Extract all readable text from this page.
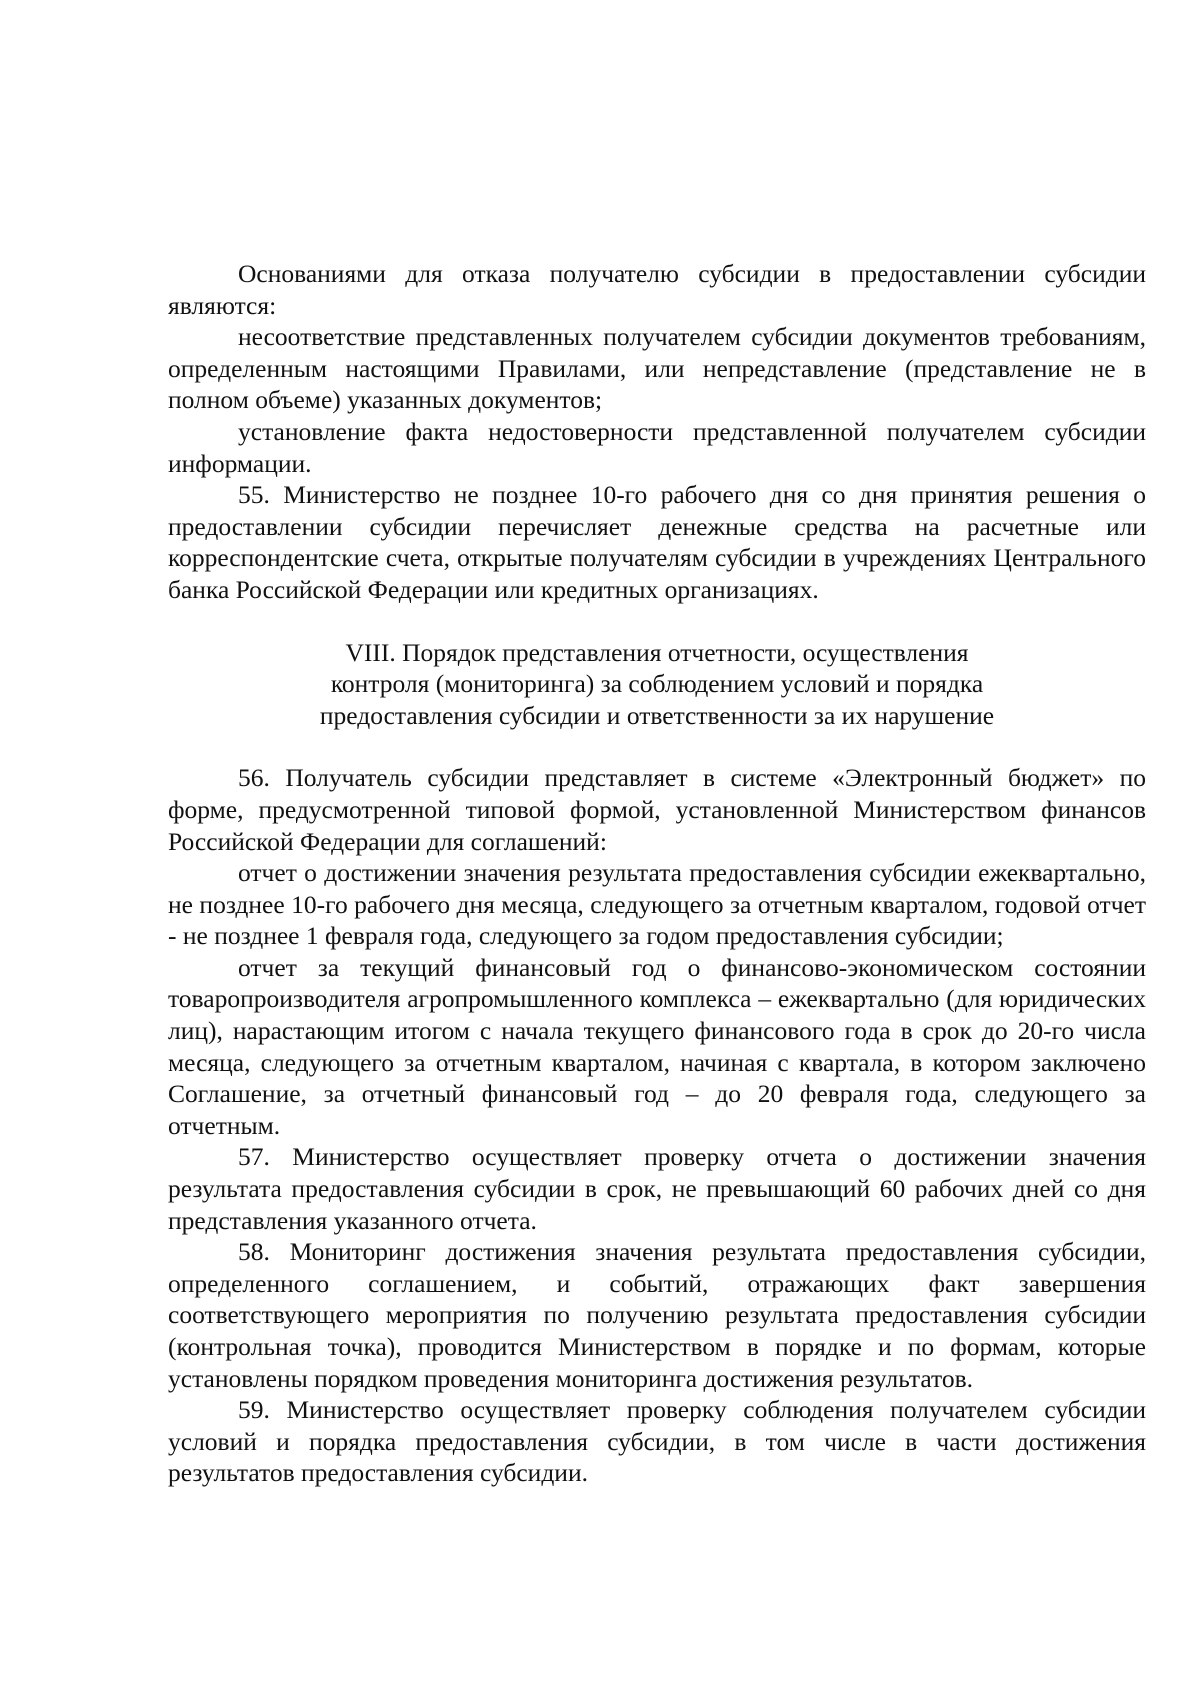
Основаниями для отказа получателю субсидии в предоставлении субсидии являются:

несоответствие представленных получателем субсидии документов требованиям, определенным настоящими Правилами, или непредставление (представление не в полном объеме) указанных документов;

установление факта недостоверности представленной получателем субсидии информации.

55. Министерство не позднее 10-го рабочего дня со дня принятия решения о предоставлении субсидии перечисляет денежные средства на расчетные или корреспондентские счета, открытые получателям субсидии в учреждениях Центрального банка Российской Федерации или кредитных организациях.

VIII. Порядок представления отчетности, осуществления
контроля (мониторинга) за соблюдением условий и порядка
предоставления субсидии и ответственности за их нарушение

56. Получатель субсидии представляет в системе «Электронный бюджет» по форме, предусмотренной типовой формой, установленной Министерством финансов Российской Федерации для соглашений:

отчет о достижении значения результата предоставления субсидии ежеквартально, не позднее 10-го рабочего дня месяца, следующего за отчетным кварталом, годовой отчет - не позднее 1 февраля года, следующего за годом предоставления субсидии;

отчет за текущий финансовый год о финансово-экономическом состоянии товаропроизводителя агропромышленного комплекса – ежеквартально (для юридических лиц), нарастающим итогом с начала текущего финансового года в срок до 20-го числа месяца, следующего за отчетным кварталом, начиная с квартала, в котором заключено Соглашение, за отчетный финансовый год – до 20 февраля года, следующего за отчетным.

57. Министерство осуществляет проверку отчета о достижении значения результата предоставления субсидии в срок, не превышающий 60 рабочих дней со дня представления указанного отчета.

58. Мониторинг достижения значения результата предоставления субсидии, определенного соглашением, и событий, отражающих факт завершения соответствующего мероприятия по получению результата предоставления субсидии (контрольная точка), проводится Министерством в порядке и по формам, которые установлены порядком проведения мониторинга достижения результатов.

59. Министерство осуществляет проверку соблюдения получателем субсидии условий и порядка предоставления субсидии, в том числе в части достижения результатов предоставления субсидии.
